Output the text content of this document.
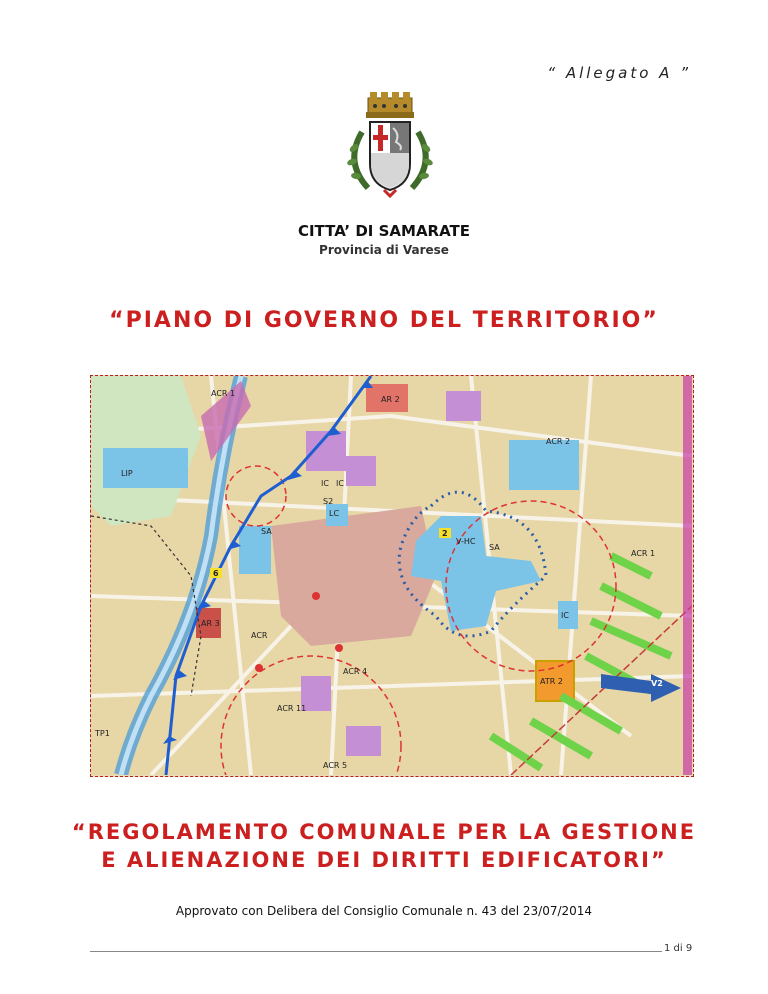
“ Allegato A ”
CITTA’ DI SAMARATE
Provincia di Varese
“PIANO DI GOVERNO DEL TERRITORIO”
ACR 1
AR 2
ACR 2
LIP
IC IC
SA
LC
S2
V-HC
SA
ACR 1
AR 3
ACR
ACR 4
ATR 2
ACR 11
TP1
ACR 5
IC
V2
2
6
“REGOLAMENTO COMUNALE PER LA GESTIONE
E ALIENAZIONE DEI DIRITTI EDIFICATORI”
Approvato con Delibera del Consiglio Comunale n. 43 del 23/07/2014
1 di 9
